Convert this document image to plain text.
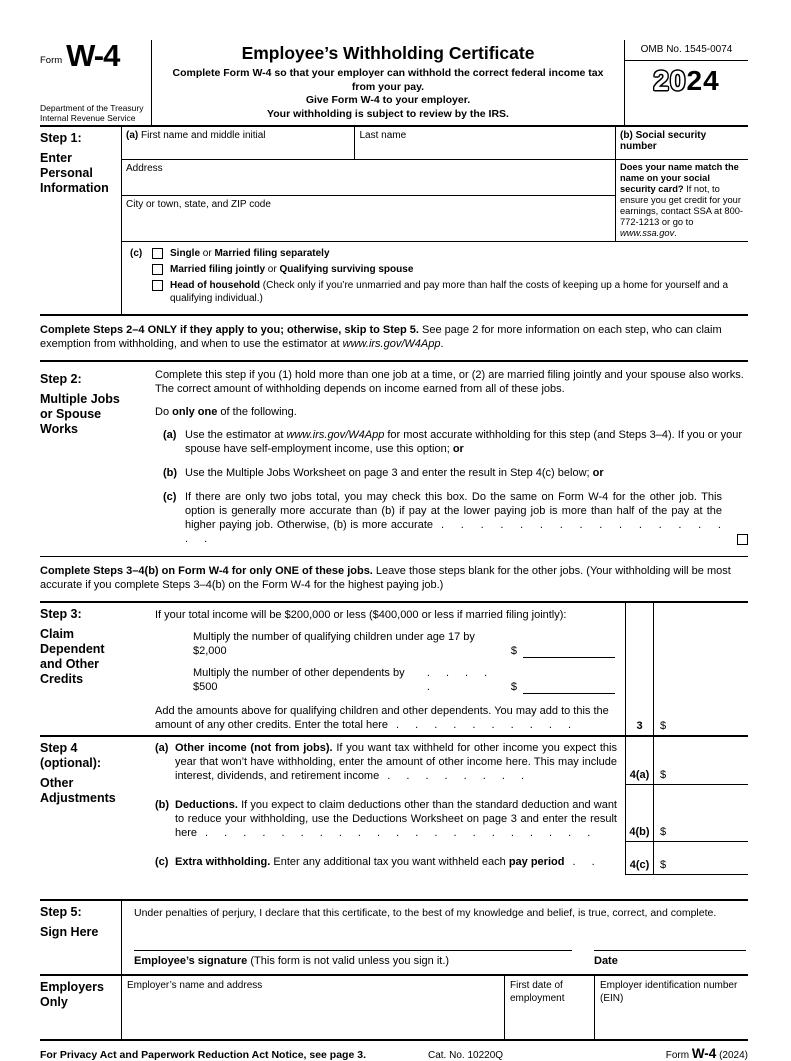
Form W-4
Department of the Treasury
Internal Revenue Service
Employee’s Withholding Certificate
Complete Form W-4 so that your employer can withhold the correct federal income tax from your pay.
Give Form W-4 to your employer.
Your withholding is subject to review by the IRS.
OMB No. 1545-0074
2024
Step 1:
Enter Personal Information
(a) First name and middle initial	Last name	(b) Social security number
Address
City or town, state, and ZIP code
Does your name match the name on your social security card? If not, to ensure you get credit for your earnings, contact SSA at 800-772-1213 or go to www.ssa.gov.
(c)	Single or Married filing separately
Married filing jointly or Qualifying surviving spouse
Head of household (Check only if you’re unmarried and pay more than half the costs of keeping up a home for yourself and a qualifying individual.)
Complete Steps 2–4 ONLY if they apply to you; otherwise, skip to Step 5. See page 2 for more information on each step, who can claim exemption from withholding, and when to use the estimator at www.irs.gov/W4App.
Step 2:
Multiple Jobs or Spouse Works
Complete this step if you (1) hold more than one job at a time, or (2) are married filing jointly and your spouse also works. The correct amount of withholding depends on income earned from all of these jobs.
Do only one of the following.
(a) Use the estimator at www.irs.gov/W4App for most accurate withholding for this step (and Steps 3–4). If you or your spouse have self-employment income, use this option; or
(b) Use the Multiple Jobs Worksheet on page 3 and enter the result in Step 4(c) below; or
(c) If there are only two jobs total, you may check this box. Do the same on Form W-4 for the other job. This option is generally more accurate than (b) if pay at the lower paying job is more than half of the pay at the higher paying job. Otherwise, (b) is more accurate . . . . . . . . . . . . . . . . .
Complete Steps 3–4(b) on Form W-4 for only ONE of these jobs. Leave those steps blank for the other jobs. (Your withholding will be most accurate if you complete Steps 3–4(b) on the Form W-4 for the highest paying job.)
Step 3:
Claim Dependent and Other Credits
If your total income will be $200,000 or less ($400,000 or less if married filing jointly):
Multiply the number of qualifying children under age 17 by $2,000	$
Multiply the number of other dependents by $500
. . . . .	$
Add the amounts above for qualifying children and other dependents. You may add to this the amount of any other credits. Enter the total here . . . . . . . . . .	3	$
Step 4 (optional):
Other Adjustments
(a) Other income (not from jobs). If you want tax withheld for other income you expect this year that won’t have withholding, enter the amount of other income here. This may include interest, dividends, and retirement income . . . . . . . .	4(a) $
(b) Deductions. If you expect to claim deductions other than the standard deduction and want to reduce your withholding, use the Deductions Worksheet on page 3 and enter the result here . . . . . . . . . . . . . . . . . . . . .	4(b) $
(c) Extra withholding. Enter any additional tax you want withheld each pay period . .	4(c) $
Step 5:
Sign Here
Under penalties of perjury, I declare that this certificate, to the best of my knowledge and belief, is true, correct, and complete.
Employee’s signature (This form is not valid unless you sign it.)	Date
Employers Only
Employer’s name and address	First date of employment
Employer identification number (EIN)
For Privacy Act and Paperwork Reduction Act Notice, see page 3.	Cat. No. 10220Q	Form W-4 (2024)
